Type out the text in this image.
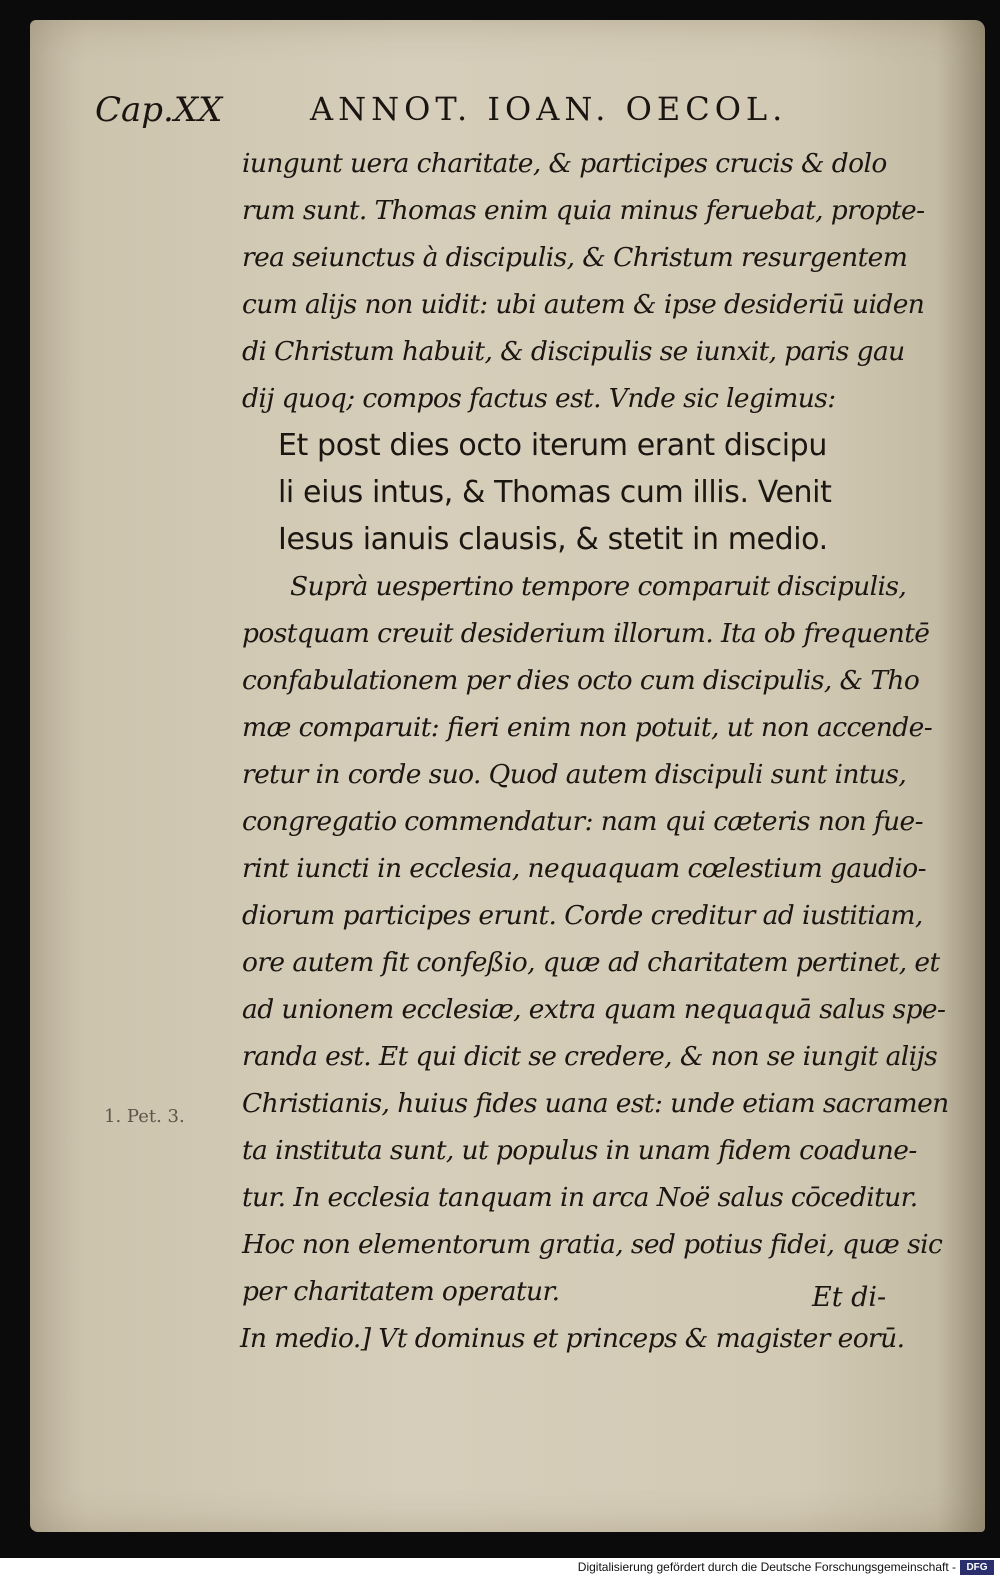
Cap.XX	ANNOT. IOAN. OECOL.
1. Pet. 3.
iungunt uera charitate, & participes crucis & dolo
rum sunt. Thomas enim quia minus feruebat, propte-
rea seiunctus à discipulis, & Christum resurgentem
cum alijs non uidit: ubi autem & ipse desideriū uiden
di Christum habuit, & discipulis se iunxit, paris gau
dij quoq; compos factus est. Vnde sic legimus:
Et post dies octo iterum erant discipu
li eius intus, & Thomas cum illis. Venit
Iesus ianuis clausis, & stetit in medio.
Suprà uespertino tempore comparuit discipulis,
postquam creuit desiderium illorum. Ita ob frequentē
confabulationem per dies octo cum discipulis, & Tho
mæ comparuit: fieri enim non potuit, ut non accende-
retur in corde suo. Quod autem discipuli sunt intus,
congregatio commendatur: nam qui cæteris non fue-
rint iuncti in ecclesia, nequaquam cœlestium gaudio-
diorum participes erunt. Corde creditur ad iustitiam,
ore autem fit confeßio, quæ ad charitatem pertinet, et
ad unionem ecclesiæ, extra quam nequaquā salus spe-
randa est. Et qui dicit se credere, & non se iungit alijs
Christianis, huius fides uana est: unde etiam sacramen
ta instituta sunt, ut populus in unam fidem coadune-
tur. In ecclesia tanquam in arca Noë salus cōceditur.
Hoc non elementorum gratia, sed potius fidei, quæ sic
per charitatem operatur.
In medio.] Vt dominus et princeps & magister eorū.
Et di-
Digitalisierung gefördert durch die Deutsche Forschungsgemeinschaft -	DFG
